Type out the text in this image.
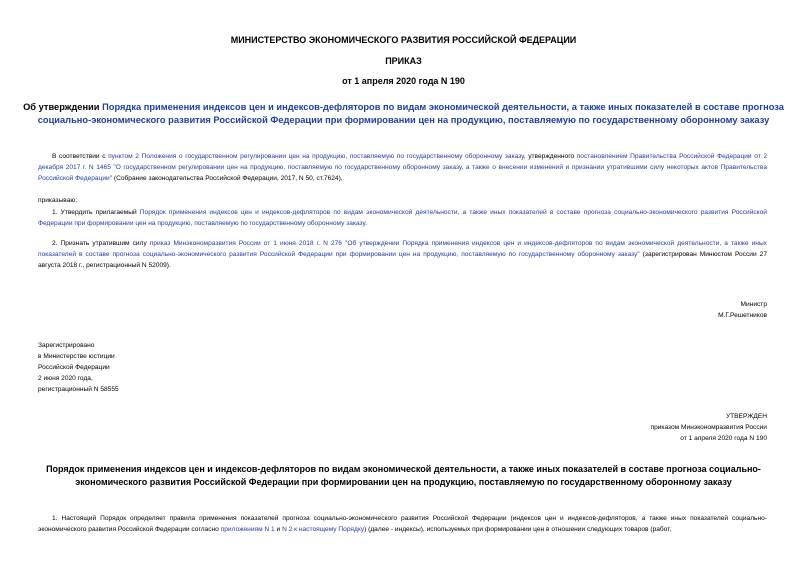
МИНИСТЕРСТВО ЭКОНОМИЧЕСКОГО РАЗВИТИЯ РОССИЙСКОЙ ФЕДЕРАЦИИ
ПРИКАЗ
от 1 апреля 2020 года N 190
Об утверждении Порядка применения индексов цен и индексов-дефляторов по видам экономической деятельности, а также иных показателей в составе прогноза социально-экономического развития Российской Федерации при формировании цен на продукцию, поставляемую по государственному оборонному заказу
В соответствии с пунктом 2 Положения о государственном регулировании цен на продукцию, поставляемую по государственному оборонному заказу, утвержденного постановлением Правительства Российской Федерации от 2 декабря 2017 г. N 1465 "О государственном регулировании цен на продукцию, поставляемую по государственному оборонному заказу, а также о внесении изменений и признании утратившими силу некоторых актов Правительства Российской Федерации" (Собрание законодательства Российской Федерации, 2017, N 50, ст.7624),
приказываю:
1. Утвердить прилагаемый Порядок применения индексов цен и индексов-дефляторов по видам экономической деятельности, а также иных показателей в составе прогноза социально-экономического развития Российской Федерации при формировании цен на продукцию, поставляемую по государственному оборонному заказу.
2. Признать утратившим силу приказ Минэкономразвития России от 1 июня 2018 г. N 276 "Об утверждении Порядка применения индексов цен и индексов-дефляторов по видам экономической деятельности, а также иных показателей в составе прогноза социально-экономического развития Российской Федерации при формировании цен на продукцию, поставляемую по государственному оборонному заказу" (зарегистрирован Минюстом России 27 августа 2018 г., регистрационный N 52009).
Министр
М.Г.Решетников
Зарегистрировано
в Министерстве юстиции
Российской Федерации
2 июня 2020 года,
регистрационный N 58555
УТВЕРЖДЕН
приказом Минэкономразвития России
от 1 апреля 2020 года N 190
Порядок применения индексов цен и индексов-дефляторов по видам экономической деятельности, а также иных показателей в составе прогноза социально-экономического развития Российской Федерации при формировании цен на продукцию, поставляемую по государственному оборонному заказу
1. Настоящий Порядок определяет правила применения показателей прогноза социально-экономического развития Российской Федерации (индексов цен и индексов-дефляторов, а также иных показателей социально-экономического развития Российской Федерации согласно приложениям N 1 и N 2 к настоящему Порядку) (далее - индексы), используемых при формировании цен в отношении следующих товаров (работ,
